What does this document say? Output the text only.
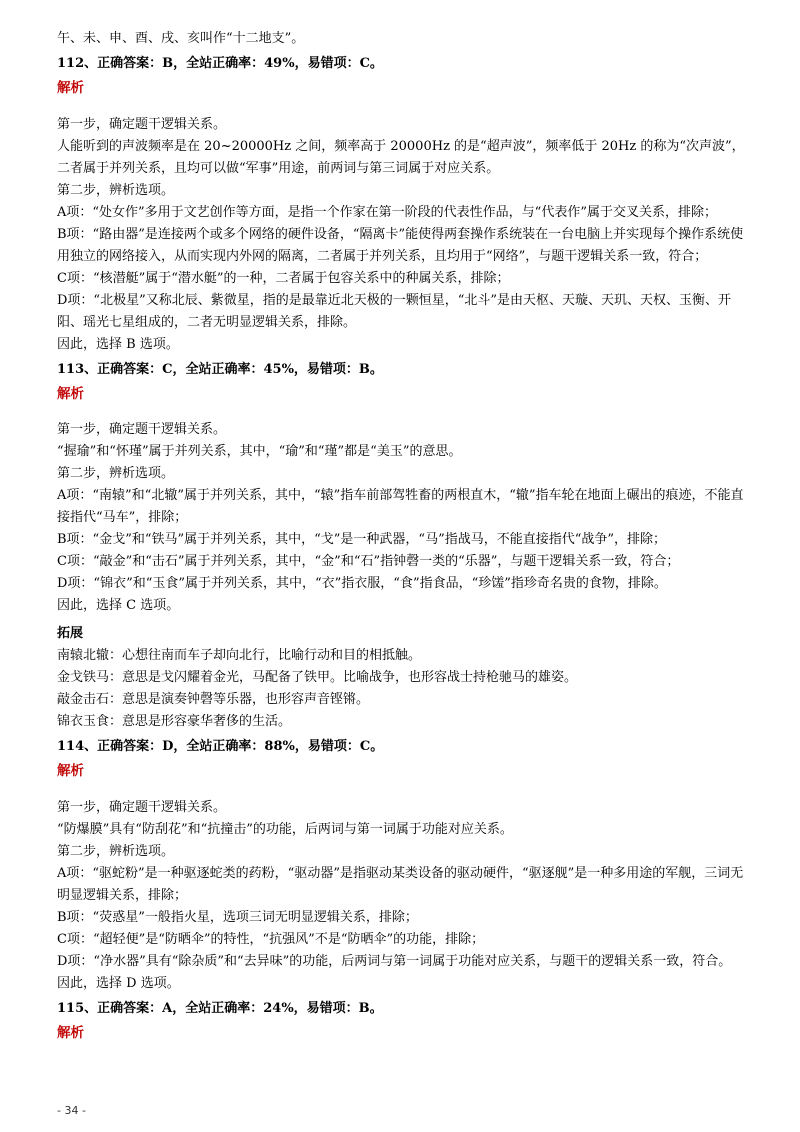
午、未、申、酉、戌、亥叫作“十二地支”。

112、正确答案：B，全站正确率：49%，易错项：C。

解析

第一步，确定题干逻辑关系。

人能听到的声波频率是在 20~20000Hz 之间，频率高于 20000Hz 的是“超声波”，频率低于 20Hz 的称为“次声波”，二者属于并列关系，且均可以做“军事”用途，前两词与第三词属于对应关系。

第二步，辨析选项。

A项：“处女作”多用于文艺创作等方面，是指一个作家在第一阶段的代表性作品，与“代表作”属于交叉关系，排除；

B项：“路由器”是连接两个或多个网络的硬件设备，“隔离卡”能使得两套操作系统装在一台电脑上并实现每个操作系统使用独立的网络接入，从而实现内外网的隔离，二者属于并列关系，且均用于“网络”，与题干逻辑关系一致，符合；

C项：“核潜艇”属于“潜水艇”的一种，二者属于包容关系中的种属关系，排除；

D项：“北极星”又称北辰、紫微星，指的是最靠近北天极的一颗恒星，“北斗”是由天枢、天璇、天玑、天权、玉衡、开阳、瑶光七星组成的，二者无明显逻辑关系，排除。

因此，选择 B 选项。

113、正确答案：C，全站正确率：45%，易错项：B。

解析

第一步，确定题干逻辑关系。

“握瑜”和“怀瑾”属于并列关系，其中，“瑜”和“瑾”都是“美玉”的意思。

第二步，辨析选项。

A项：“南辕”和“北辙”属于并列关系，其中，“辕”指车前部驾牲畜的两根直木，“辙”指车轮在地面上碾出的痕迹，不能直接指代“马车”，排除；

B项：“金戈”和“铁马”属于并列关系，其中，“戈”是一种武器，“马”指战马，不能直接指代“战争”，排除；

C项：“敲金”和“击石”属于并列关系，其中，“金”和“石”指钟磬一类的“乐器”，与题干逻辑关系一致，符合；

D项：“锦衣”和“玉食”属于并列关系，其中，“衣”指衣服，“食”指食品，“珍馐”指珍奇名贵的食物，排除。

因此，选择 C 选项。

拓展

南辕北辙：心想往南而车子却向北行，比喻行动和目的相抵触。

金戈铁马：意思是戈闪耀着金光，马配备了铁甲。比喻战争，也形容战士持枪驰马的雄姿。

敲金击石：意思是演奏钟磬等乐器，也形容声音铿锵。

锦衣玉食：意思是形容豪华奢侈的生活。

114、正确答案：D，全站正确率：88%，易错项：C。

解析

第一步，确定题干逻辑关系。

“防爆膜”具有“防刮花”和“抗撞击”的功能，后两词与第一词属于功能对应关系。

第二步，辨析选项。

A项：“驱蛇粉”是一种驱逐蛇类的药粉，“驱动器”是指驱动某类设备的驱动硬件，“驱逐舰”是一种多用途的军舰，三词无明显逻辑关系，排除；

B项：“荧惑星”一般指火星，选项三词无明显逻辑关系，排除；

C项：“超轻便”是“防晒伞”的特性，“抗强风”不是“防晒伞”的功能，排除；

D项：“净水器”具有“除杂质”和“去异味”的功能，后两词与第一词属于功能对应关系，与题干的逻辑关系一致，符合。

因此，选择 D 选项。

115、正确答案：A，全站正确率：24%，易错项：B。

解析

- 34 -
